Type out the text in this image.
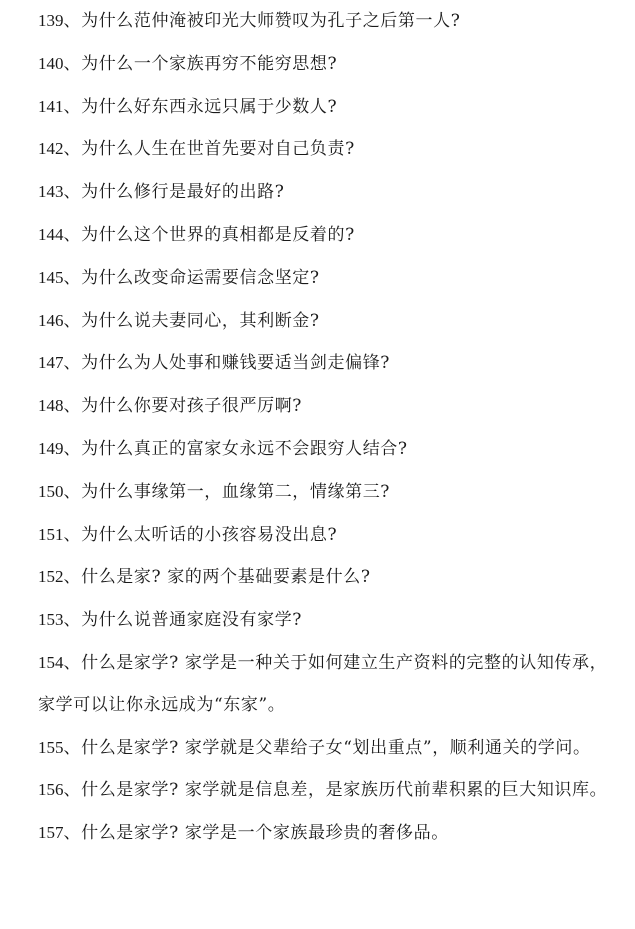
139、为什么范仲淹被印光大师赞叹为孔子之后第一人?

140、为什么一个家族再穷不能穷思想?

141、为什么好东西永远只属于少数人?

142、为什么人生在世首先要对自己负责?

143、为什么修行是最好的出路?

144、为什么这个世界的真相都是反着的?

145、为什么改变命运需要信念坚定?

146、为什么说夫妻同心，其利断金?

147、为什么为人处事和赚钱要适当剑走偏锋?

148、为什么你要对孩子很严厉啊?

149、为什么真正的富家女永远不会跟穷人结合?

150、为什么事缘第一，血缘第二，情缘第三?

151、为什么太听话的小孩容易没出息?

152、什么是家? 家的两个基础要素是什么?

153、为什么说普通家庭没有家学?

154、什么是家学? 家学是一种关于如何建立生产资料的完整的认知传承，家学可以让你永远成为“东家”。

155、什么是家学? 家学就是父辈给子女“划出重点”，顺利通关的学问。

156、什么是家学? 家学就是信息差，是家族历代前辈积累的巨大知识库。

157、什么是家学? 家学是一个家族最珍贵的奢侈品。
